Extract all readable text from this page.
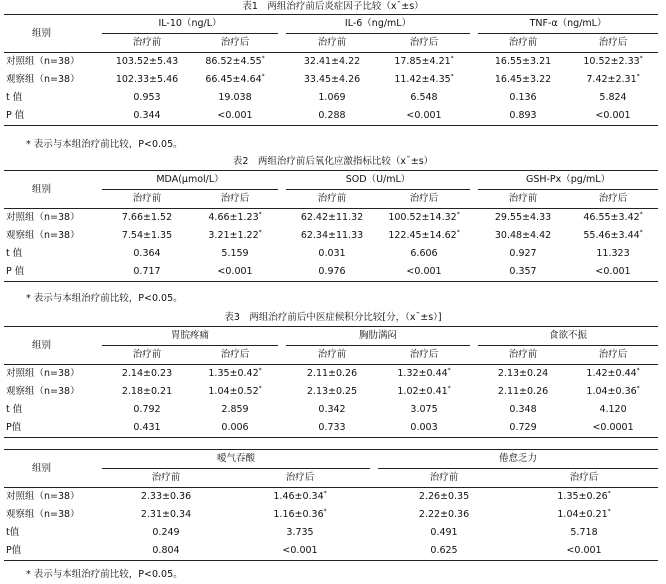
表1　两组治疗前后炎症因子比较（x¯±s）
组别	IL-10（ng/L）			IL-6（ng/mL）			TNF-α（ng/mL）	
	治疗前	治疗后		治疗前	治疗后		治疗前	治疗后
对照组（n=38）	103.52±5.43	86.52±4.55*		32.41±4.22	17.85±4.21*		16.55±3.21	10.52±2.33*
观察组（n=38）	102.33±5.46	66.45±4.64*		33.45±4.26	11.42±4.35*		16.45±3.22	7.42±2.31*
t 值	0.953	19.038		1.069	6.548		0.136	5.824
P 值	0.344	<0.001		0.288	<0.001		0.893	<0.001
* 表示与本组治疗前比较，P<0.05。
表2　两组治疗前后氧化应激指标比较（x¯±s）
组别	MDA(μmol/L）			SOD（U/mL）			GSH-Px（pg/mL）	
	治疗前	治疗后		治疗前	治疗后		治疗前	治疗后
对照组（n=38）	7.66±1.52	4.66±1.23*		62.42±11.32	100.52±14.32*		29.55±4.33	46.55±3.42*
观察组（n=38）	7.54±1.35	3.21±1.22*		62.34±11.33	122.45±14.62*		30.48±4.42	55.46±3.44*
t 值	0.364	5.159		0.031	6.606		0.927	11.323
P 值	0.717	<0.001		0.976	<0.001		0.357	<0.001
* 表示与本组治疗前比较，P<0.05。
表3　两组治疗前后中医症候积分比较[分，（x¯±s）]
组别	胃脘疼痛			胸肋满闷			食欲不振	
	治疗前	治疗后		治疗前	治疗后		治疗前	治疗后
对照组（n=38）	2.14±0.23	1.35±0.42*		2.11±0.26	1.32±0.44*		2.13±0.24	1.42±0.44*
观察组（n=38）	2.18±0.21	1.04±0.52*		2.13±0.25	1.02±0.41*		2.11±0.26	1.04±0.36*
t 值	0.792	2.859		0.342	3.075		0.348	4.120
P值	0.431	0.006		0.733	0.003		0.729	<0.0001
组别	嗳气吞酸			倦怠乏力	
	治疗前	治疗后		治疗前	治疗后
对照组（n=38）	2.33±0.36	1.46±0.34*		2.26±0.35	1.35±0.26*
观察组（n=38）	2.31±0.34	1.16±0.36*		2.22±0.36	1.04±0.21*
t值	0.249	3.735		0.491	5.718
P值	0.804	<0.001		0.625	<0.001
* 表示与本组治疗前比较，P<0.05。
